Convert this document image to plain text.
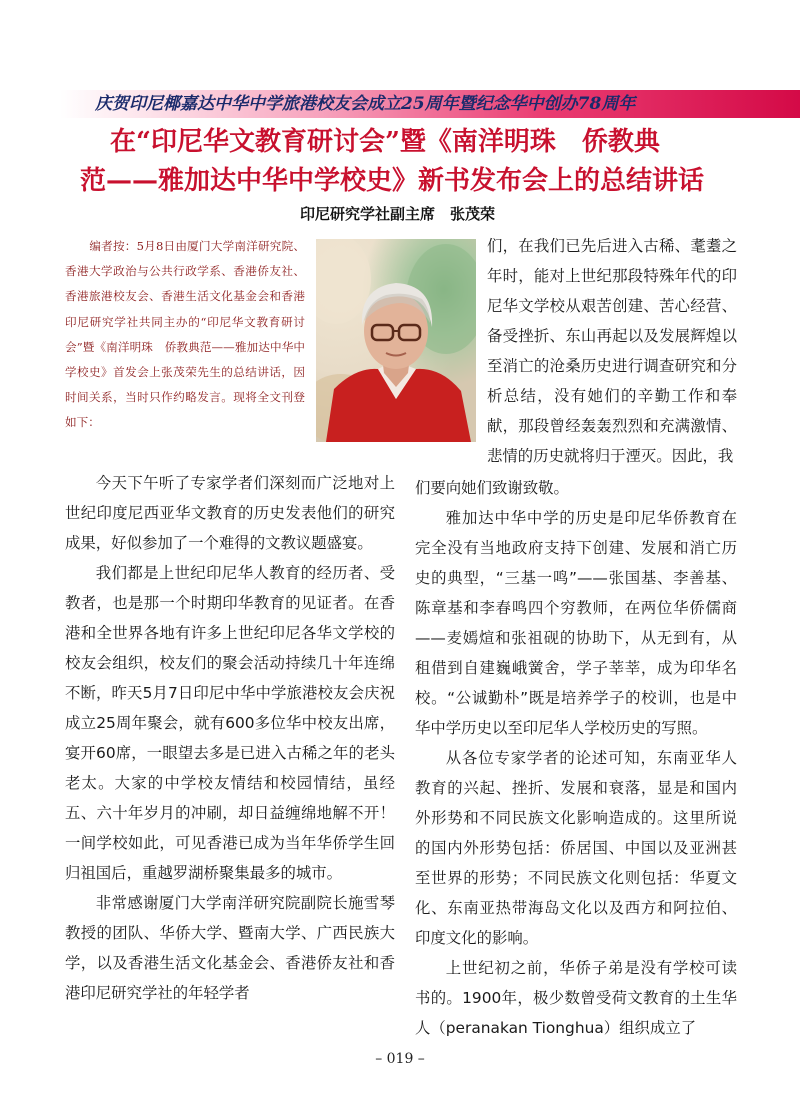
庆贺印尼椰嘉达中华中学旅港校友会成立25周年暨纪念华中创办78周年
在“印尼华文教育研讨会”暨《南洋明珠　侨教典
范——雅加达中华中学校史》新书发布会上的总结讲话
印尼研究学社副主席　张茂荣

编者按：5月8日由厦门大学南洋研究院、香港大学政治与公共行政学系、香港侨友社、香港旅港校友会、香港生活文化基金会和香港印尼研究学社共同主办的“印尼华文教育研讨会”暨《南洋明珠　侨教典范——雅加达中华中学校史》首发会上张茂荣先生的总结讲话，因时间关系，当时只作约略发言。现将全文刊登如下：

今天下午听了专家学者们深刻而广泛地对上世纪印度尼西亚华文教育的历史发表他们的研究成果，好似参加了一个难得的文教议题盛宴。

我们都是上世纪印尼华人教育的经历者、受教者，也是那一个时期印华教育的见证者。在香港和全世界各地有许多上世纪印尼各华文学校的校友会组织，校友们的聚会活动持续几十年连绵不断，昨天5月7日印尼中华中学旅港校友会庆祝成立25周年聚会，就有600多位华中校友出席，宴开60席，一眼望去多是已进入古稀之年的老头老太。大家的中学校友情结和校园情结，虽经五、六十年岁月的冲刷，却日益缠绵地解不开！一间学校如此，可见香港已成为当年华侨学生回归祖国后，重越罗湖桥聚集最多的城市。

非常感谢厦门大学南洋研究院副院长施雪琴教授的团队、华侨大学、暨南大学、广西民族大学，以及香港生活文化基金会、香港侨友社和香港印尼研究学社的年轻学者

们，在我们已先后进入古稀、耄耋之年时，能对上世纪那段特殊年代的印尼华文学校从艰苦创建、苦心经营、备受挫折、东山再起以及发展辉煌以至消亡的沧桑历史进行调查研究和分析总结，没有她们的辛勤工作和奉献，那段曾经轰轰烈烈和充满激情、悲情的历史就将归于湮灭。因此，我

们要向她们致谢致敬。

雅加达中华中学的历史是印尼华侨教育在完全没有当地政府支持下创建、发展和消亡历史的典型，“三基一鸣”——张国基、李善基、陈章基和李春鸣四个穷教师，在两位华侨儒商——麦嫣煊和张祖砚的协助下，从无到有，从租借到自建巍峨黉舍，学子莘莘，成为印华名校。“公诚勤朴”既是培养学子的校训，也是中华中学历史以至印尼华人学校历史的写照。

从各位专家学者的论述可知，东南亚华人教育的兴起、挫折、发展和衰落，显是和国内外形势和不同民族文化影响造成的。这里所说的国内外形势包括：侨居国、中国以及亚洲甚至世界的形势；不同民族文化则包括：华夏文化、东南亚热带海岛文化以及西方和阿拉伯、印度文化的影响。

上世纪初之前，华侨子弟是没有学校可读书的。1900年，极少数曾受荷文教育的土生华人（peranakan Tionghua）组织成立了

– 019 –
